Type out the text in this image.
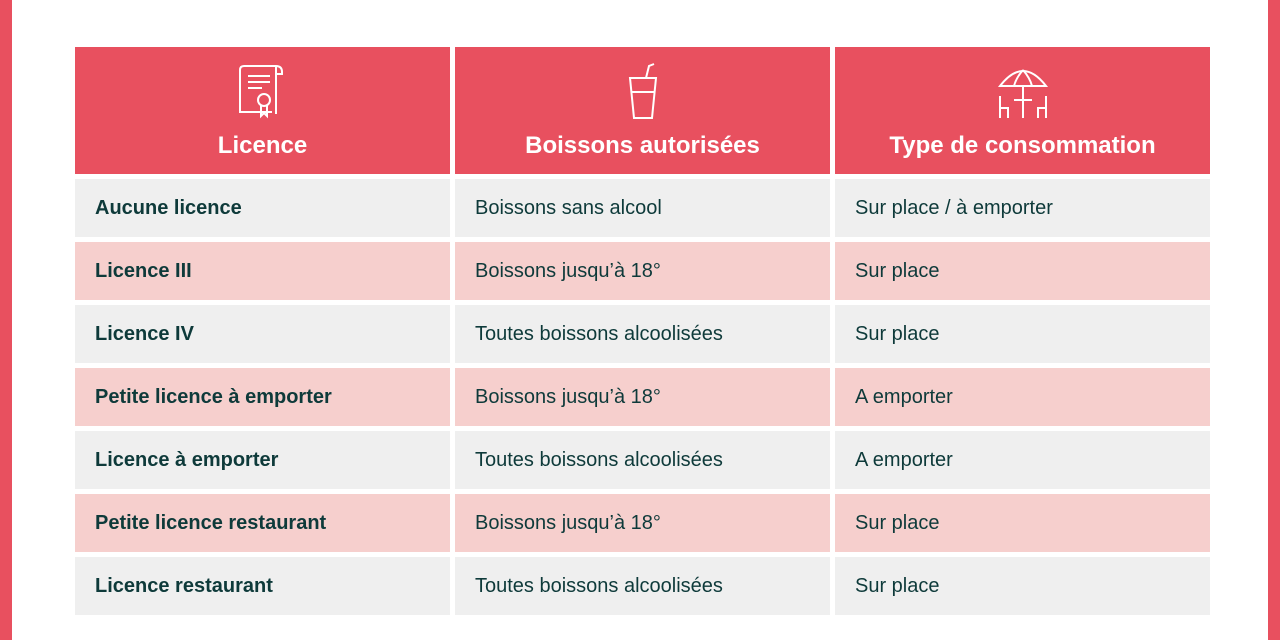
Licence	Boissons autorisées	Type de consommation
Aucune licence	Boissons sans alcool	Sur place / à emporter
Licence III	Boissons jusqu’à 18°	Sur place
Licence IV	Toutes boissons alcoolisées	Sur place
Petite licence à emporter	Boissons jusqu’à 18°	A emporter
Licence à emporter	Toutes boissons alcoolisées	A emporter
Petite licence restaurant	Boissons jusqu’à 18°	Sur place
Licence restaurant	Toutes boissons alcoolisées	Sur place
